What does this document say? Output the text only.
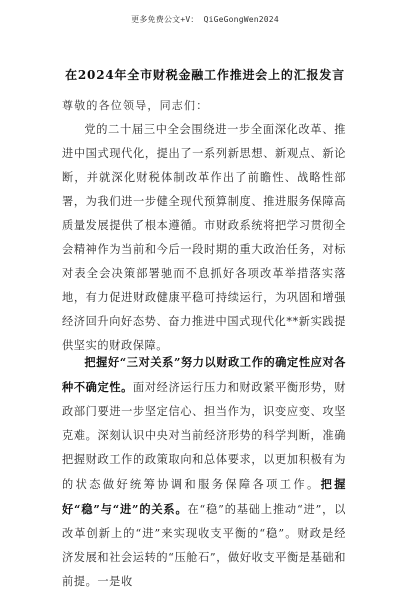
更多免费公文+V： QiGeGongWen2024
在2024年全市财税金融工作推进会上的汇报发言
尊敬的各位领导，同志们：
党的二十届三中全会围绕进一步全面深化改革、推进中国式现代化，提出了一系列新思想、新观点、新论断，并就深化财税体制改革作出了前瞻性、战略性部署，为我们进一步健全现代预算制度、推进服务保障高质量发展提供了根本遵循。市财政系统将把学习贯彻全会精神作为当前和今后一段时期的重大政治任务，对标对表全会决策部署驰而不息抓好各项改革举措落实落地，有力促进财政健康平稳可持续运行，为巩固和增强经济回升向好态势、奋力推进中国式现代化**新实践提供坚实的财政保障。
把握好“三对关系”努力以财政工作的确定性应对各种不确定性。面对经济运行压力和财政紧平衡形势，财政部门要进一步坚定信心、担当作为，识变应变、攻坚克难。深刻认识中央对当前经济形势的科学判断，准确把握财政工作的政策取向和总体要求，以更加积极有为的状态做好统筹协调和服务保障各项工作。把握好“稳”与“进”的关系。在“稳”的基础上推动“进”，以改革创新上的“进”来实现收支平衡的“稳”。财政是经济发展和社会运转的“压舱石”，做好收支平衡是基础和前提。一是收
